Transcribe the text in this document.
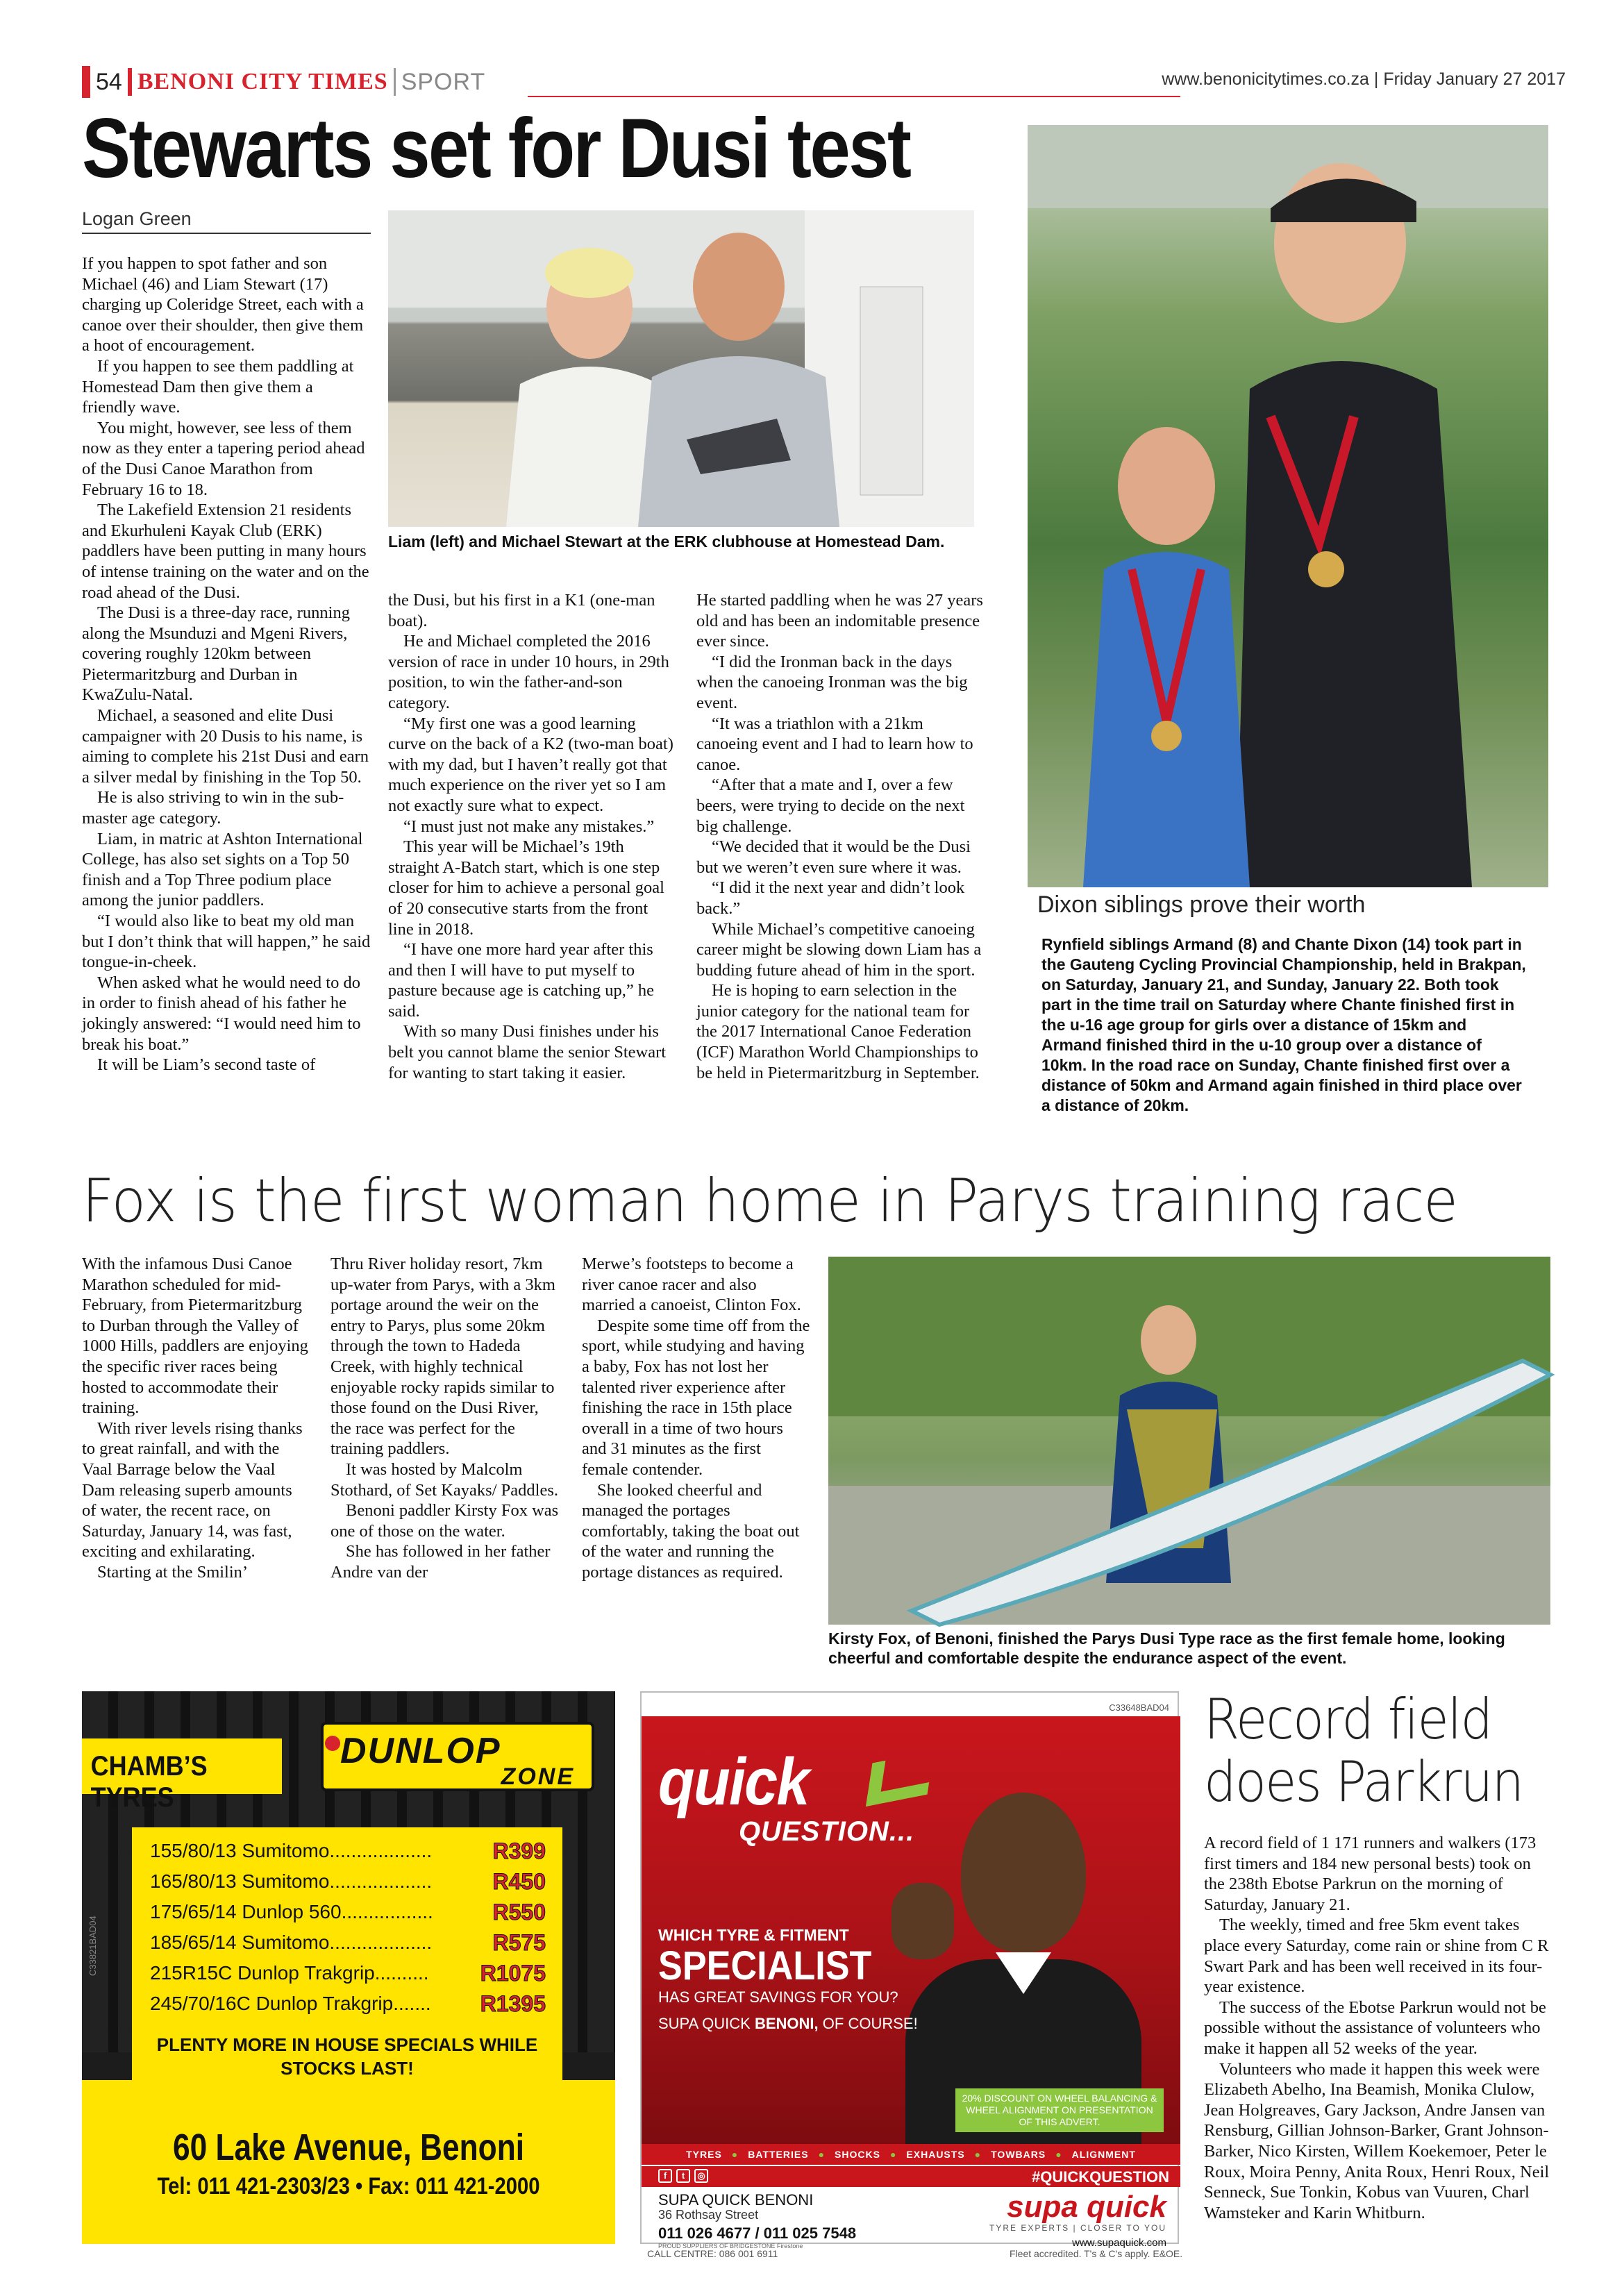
54 BENONI CITY TIMES SPORT	www.benonicitytimes.co.za | Friday January 27 2017
Stewarts set for Dusi test
Logan Green

If you happen to spot father and son Michael (46) and Liam Stewart (17) charging up Coleridge Street, each with a canoe over their shoulder, then give them a hoot of encouragement.

If you happen to see them paddling at Homestead Dam then give them a friendly wave.

You might, however, see less of them now as they enter a tapering period ahead of the Dusi Canoe Marathon from February 16 to 18.

The Lakefield Extension 21 residents and Ekurhuleni Kayak Club (ERK) paddlers have been putting in many hours of intense training on the water and on the road ahead of the Dusi.

The Dusi is a three-day race, running along the Msunduzi and Mgeni Rivers, covering roughly 120km between Pietermaritzburg and Durban in KwaZulu-Natal.

Michael, a seasoned and elite Dusi campaigner with 20 Dusis to his name, is aiming to complete his 21st Dusi and earn a silver medal by finishing in the Top 50.

He is also striving to win in the sub-master age category.

Liam, in matric at Ashton International College, has also set sights on a Top 50 finish and a Top Three podium place among the junior paddlers.

“I would also like to beat my old man but I don’t think that will happen,” he said tongue-in-cheek.

When asked what he would need to do in order to finish ahead of his father he jokingly answered: “I would need him to break his boat.”

It will be Liam’s second taste of

Liam (left) and Michael Stewart at the ERK clubhouse at Homestead Dam.

the Dusi, but his first in a K1 (one-man boat).

He and Michael completed the 2016 version of race in under 10 hours, in 29th position, to win the father-and-son category.

“My first one was a good learning curve on the back of a K2 (two-man boat) with my dad, but I haven’t really got that much experience on the river yet so I am not exactly sure what to expect.

“I must just not make any mistakes.”

This year will be Michael’s 19th straight A-Batch start, which is one step closer for him to achieve a personal goal of 20 consecutive starts from the front line in 2018.

“I have one more hard year after this and then I will have to put myself to pasture because age is catching up,” he said.

With so many Dusi finishes under his belt you cannot blame the senior Stewart for wanting to start taking it easier.

He started paddling when he was 27 years old and has been an indomitable presence ever since.

“I did the Ironman back in the days when the canoeing Ironman was the big event.

“It was a triathlon with a 21km canoeing event and I had to learn how to canoe.

“After that a mate and I, over a few beers, were trying to decide on the next big challenge.

“We decided that it would be the Dusi but we weren’t even sure where it was.

“I did it the next year and didn’t look back.”

While Michael’s competitive canoeing career might be slowing down Liam has a budding future ahead of him in the sport.

He is hoping to earn selection in the junior category for the national team for the 2017 International Canoe Federation (ICF) Marathon World Championships to be held in Pietermaritzburg in September.

Dixon siblings prove their worth
Rynfield siblings Armand (8) and Chante Dixon (14) took part in the Gauteng Cycling Provincial Championship, held in Brakpan, on Saturday, January 21, and Sunday, January 22. Both took part in the time trail on Saturday where Chante finished first in the u-16 age group for girls over a distance of 15km and Armand finished third in the u-10 group over a distance of 10km. In the road race on Sunday, Chante finished first over a distance of 50km and Armand again finished in third place over a distance of 20km.
Fox is the first woman home in Parys training race

With the infamous Dusi Canoe Marathon scheduled for mid-February, from Pietermaritzburg to Durban through the Valley of 1000 Hills, paddlers are enjoying the specific river races being hosted to accommodate their training.

With river levels rising thanks to great rainfall, and with the Vaal Barrage below the Vaal Dam releasing superb amounts of water, the recent race, on Saturday, January 14, was fast, exciting and exhilarating.

Starting at the Smilin’

Thru River holiday resort, 7km up-water from Parys, with a 3km portage around the weir on the entry to Parys, plus some 20km through the town to Hadeda Creek, with highly technical enjoyable rocky rapids similar to those found on the Dusi River, the race was perfect for the training paddlers.

It was hosted by Malcolm Stothard, of Set Kayaks/ Paddles.

Benoni paddler Kirsty Fox was one of those on the water.

She has followed in her father Andre van der

Merwe’s footsteps to become a river canoe racer and also married a canoeist, Clinton Fox.

Despite some time off from the sport, while studying and having a baby, Fox has not lost her talented river experience after finishing the race in 15th place overall in a time of two hours and 31 minutes as the first female contender.

She looked cheerful and managed the portages comfortably, taking the boat out of the water and running the portage distances as required.

Kirsty Fox, of Benoni, finished the Parys Dusi Type race as the first female home, looking cheerful and comfortable despite the endurance aspect of the event.
CHAMB’S TYRES
DUNLOP
ZONE
155/80/13 Sumitomo...................	R399
165/80/13 Sumitomo...................	R450
175/65/14 Dunlop 560.................	R550
185/65/14 Sumitomo...................	R575
215R15C Dunlop Trakgrip.......... R1075
245/70/16C Dunlop Trakgrip....... R1395
PLENTY MORE IN HOUSE SPECIALS WHILE STOCKS LAST!
C33821BAD04
60 Lake Avenue, Benoni
Tel: 011 421-2303/23 • Fax: 011 421-2000
C33648BAD04
quick
QUESTION...
WHICH TYRE & FITMENT
SPECIALIST
HAS GREAT SAVINGS FOR YOU?
SUPA QUICK BENONI, OF COURSE!
20% DISCOUNT ON WHEEL BALANCING & WHEEL ALIGNMENT ON PRESENTATION OF THIS ADVERT.
TYRES ● BATTERIES ● SHOCKS ● EXHAUSTS ● TOWBARS ● ALIGNMENT
f	t	◎	#QUICKQUESTION
SUPA QUICK BENONI
36 Rothsay Street
011 026 4677 / 011 025 7548
PROUD SUPPLIERS OF BRIDGESTONE Firestone
supa quick
TYRE EXPERTS | CLOSER TO YOU
www.supaquick.com
CALL CENTRE: 086 001 6911	Fleet accredited. T's & C's apply. E&OE.
Record field does Parkrun

A record field of 1 171 runners and walkers (173 first timers and 184 new personal bests) took on the 238th Ebotse Parkrun on the morning of Saturday, January 21.

The weekly, timed and free 5km event takes place every Saturday, come rain or shine from C R Swart Park and has been well received in its four-year existence.

The success of the Ebotse Parkrun would not be possible without the assistance of volunteers who make it happen all 52 weeks of the year.

Volunteers who made it happen this week were Elizabeth Abelho, Ina Beamish, Monika Clulow, Jean Holgreaves, Gary Jackson, Andre Jansen van Rensburg, Gillian Johnson-Barker, Grant Johnson-Barker, Nico Kirsten, Willem Koekemoer, Peter le Roux, Moira Penny, Anita Roux, Henri Roux, Neil Senneck, Sue Tonkin, Kobus van Vuuren, Charl Wamsteker and Karin Whitburn.
